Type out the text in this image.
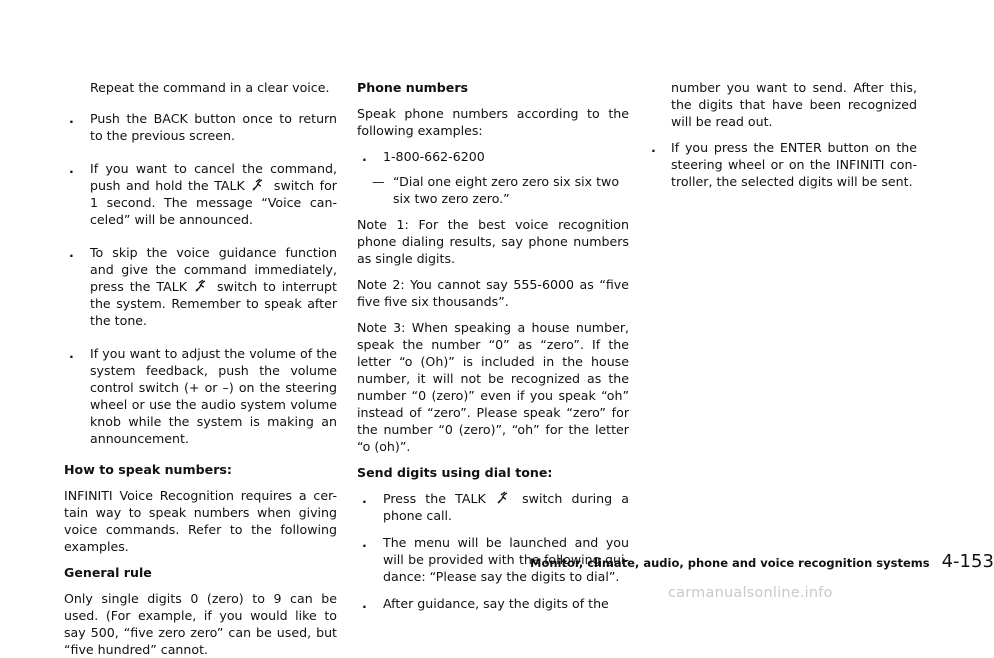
Repeat the command in a clear voice.

. Push the BACK button once to return to the previous screen.
. If you want to cancel the command, push and hold the TALK switch for 1 second. The message “Voice can-celed” will be announced.
. To skip the voice guidance function and give the command immediately, press the TALK switch to interrupt the system. Remember to speak after the tone.
. If you want to adjust the volume of the system feedback, push the volume control switch (+ or –) on the steering wheel or use the audio system volume knob while the system is making an announcement.

How to speak numbers:

INFINITI Voice Recognition requires a cer-tain way to speak numbers when giving voice commands. Refer to the following examples.

General rule

Only single digits 0 (zero) to 9 can be used. (For example, if you would like to say 500, “five zero zero” can be used, but “five hundred” cannot.

Phone numbers

Speak phone numbers according to the following examples:

. 1-800-662-6200
— “Dial one eight zero zero six six two six two zero zero.”

Note 1: For the best voice recognition phone dialing results, say phone numbers as single digits.

Note 2: You cannot say 555-6000 as “five five five six thousands”.

Note 3: When speaking a house number, speak the number “0” as “zero”. If the letter “o (Oh)” is included in the house number, it will not be recognized as the number “0 (zero)” even if you speak “oh” instead of “zero”. Please speak “zero” for the number “0 (zero)”, “oh” for the letter “o (oh)”.

Send digits using dial tone:

. Press the TALK	switch during a phone call.
. The menu will be launched and you will be provided with the following gui-dance: “Please say the digits to dial”.
. After guidance, say the digits of the

number you want to send. After this, the digits that have been recognized will be read out.

. If you press the ENTER button on the steering wheel or on the INFINITI con-troller, the selected digits will be sent.
Monitor, climate, audio, phone and voice recognition systems 4-153
carmanualsonline.info
